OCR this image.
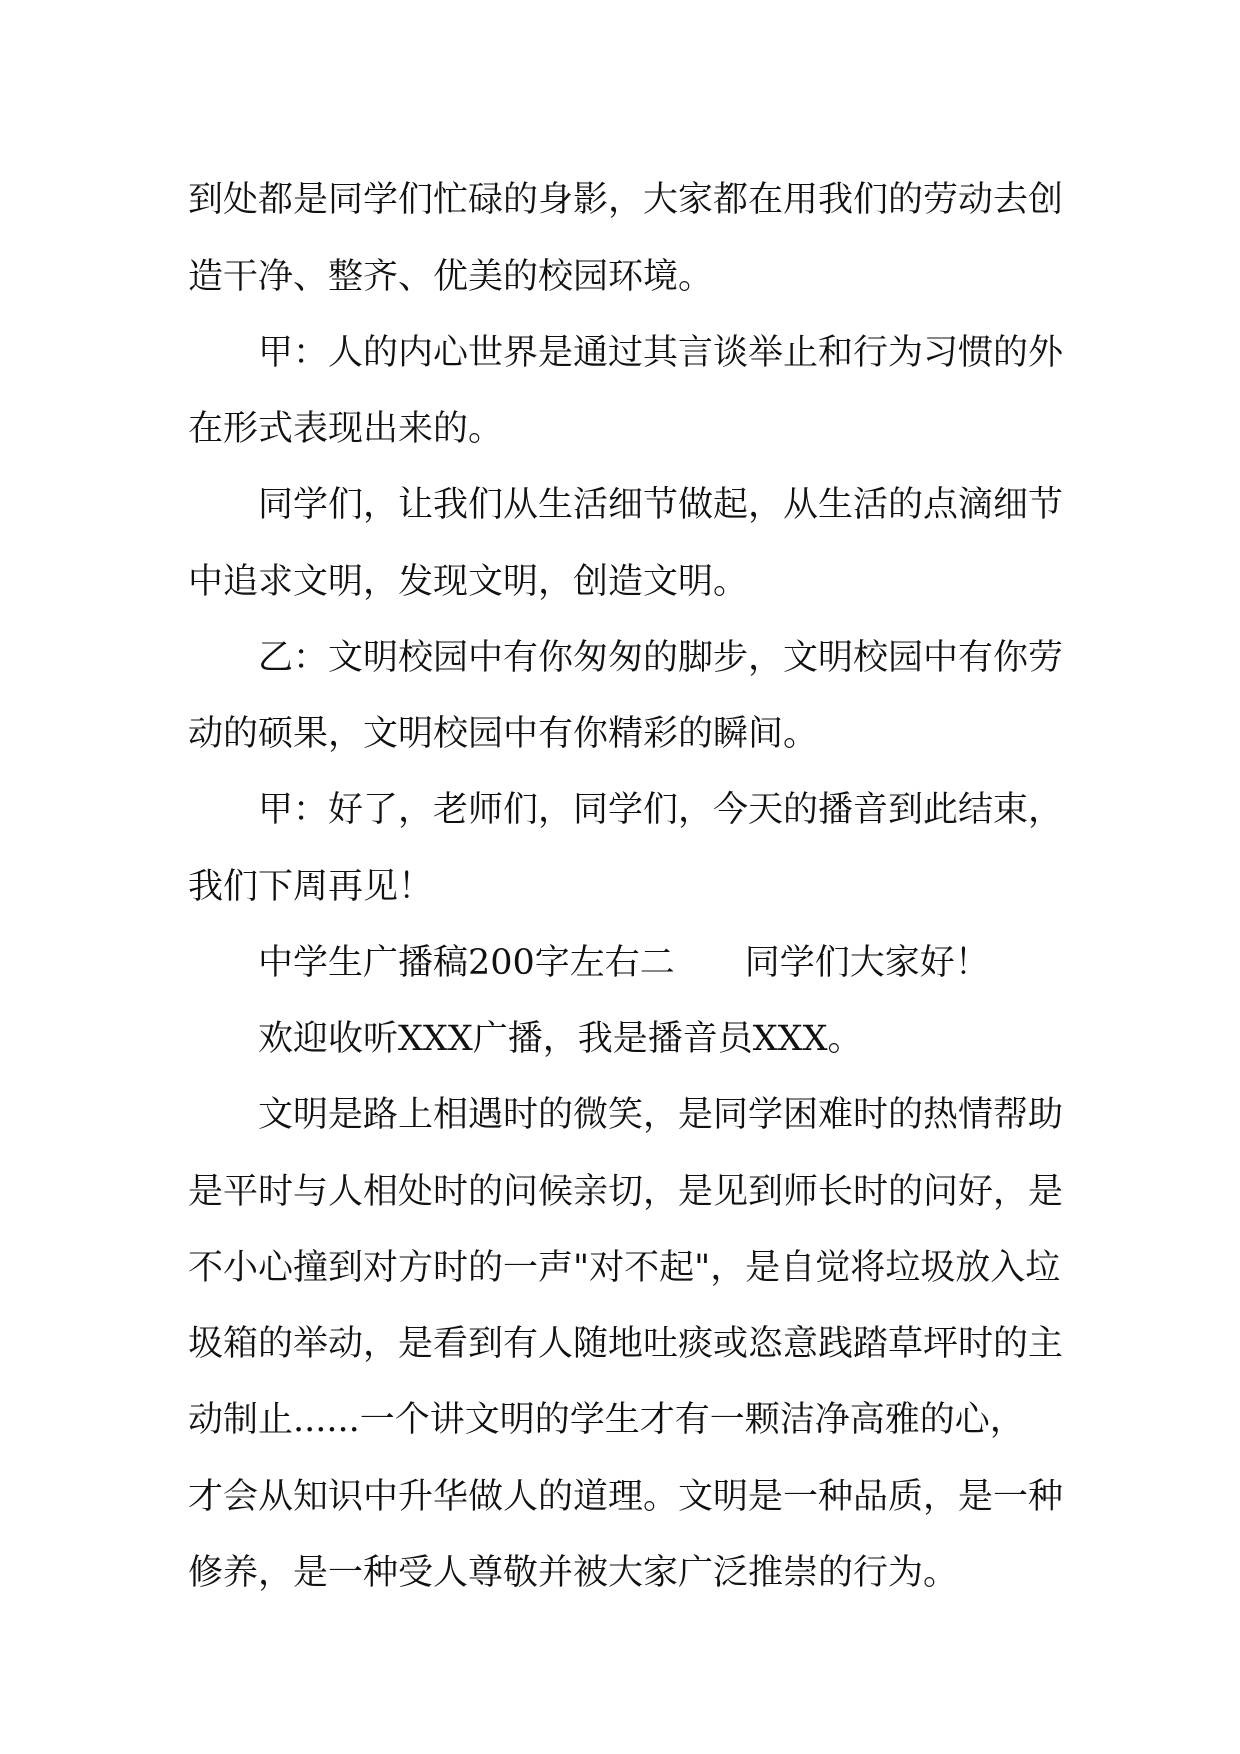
到处都是同学们忙碌的身影，大家都在用我们的劳动去创
造干净、整齐、优美的校园环境。
甲：人的内心世界是通过其言谈举止和行为习惯的外
在形式表现出来的。
同学们，让我们从生活细节做起，从生活的点滴细节
中追求文明，发现文明，创造文明。
乙：文明校园中有你匆匆的脚步，文明校园中有你劳
动的硕果，文明校园中有你精彩的瞬间。
甲：好了，老师们，同学们，今天的播音到此结束，
我们下周再见！
中学生广播稿200字左右二　　同学们大家好！
欢迎收听XXX广播，我是播音员XXX。
文明是路上相遇时的微笑，是同学困难时的热情帮助
是平时与人相处时的问候亲切，是见到师长时的问好，是
不小心撞到对方时的一声"对不起"，是自觉将垃圾放入垃
圾箱的举动，是看到有人随地吐痰或恣意践踏草坪时的主
动制止......一个讲文明的学生才有一颗洁净高雅的心，
才会从知识中升华做人的道理。文明是一种品质，是一种
修养，是一种受人尊敬并被大家广泛推崇的行为。
